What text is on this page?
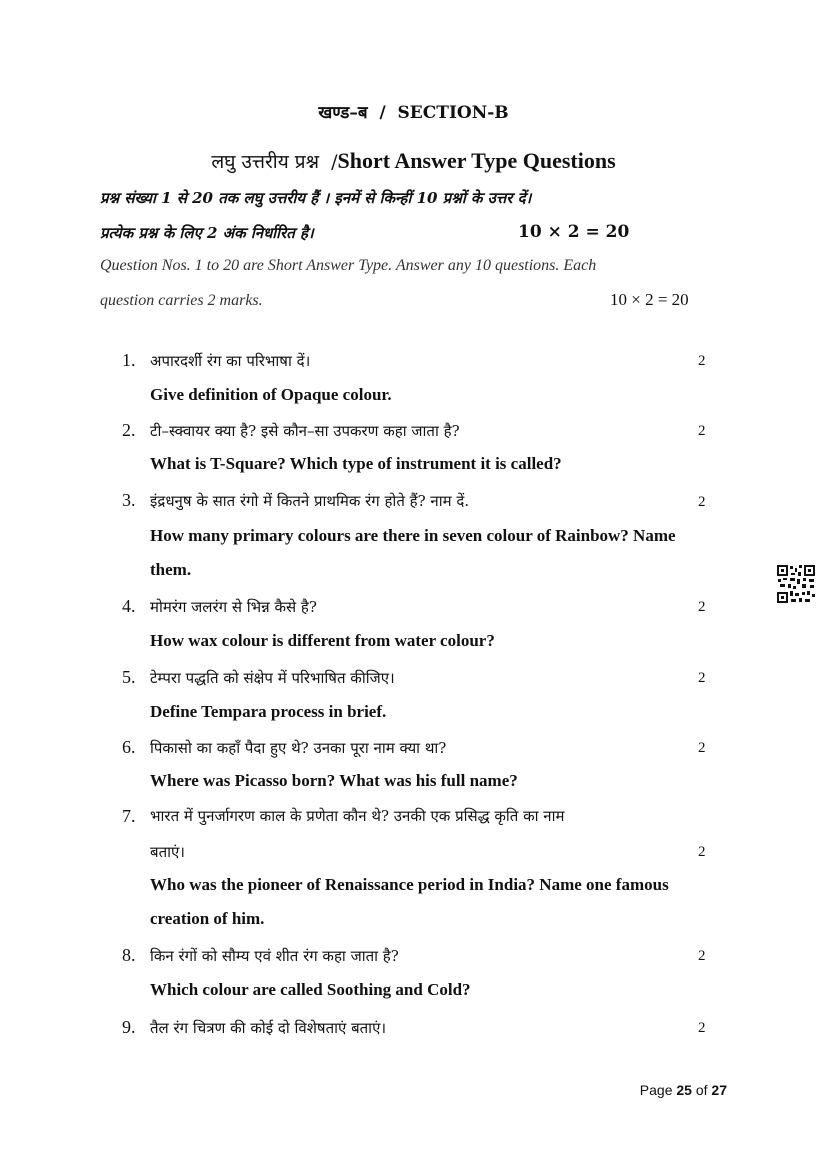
खण्ड–ब / SECTION-B
लघु उत्तरीय प्रश्न /Short Answer Type Questions
प्रश्न संख्या 1 से 20 तक लघु उत्तरीय हैं । इनमें से किन्हीं 10 प्रश्नों के उत्तर दें।
प्रत्येक प्रश्न के लिए 2 अंक निर्धारित है।	10 × 2 = 20
Question Nos. 1 to 20 are Short Answer Type. Answer any 10 questions. Each
question carries 2 marks.	10 × 2 = 20
1. अपारदर्शी रंग का परिभाषा दें।	2
Give definition of Opaque colour.
2. टी–स्क्वायर क्या है? इसे कौन–सा उपकरण कहा जाता है?	2
What is T-Square? Which type of instrument it is called?
3. इंद्रधनुष के सात रंगो में कितने प्राथमिक रंग होते हैं? नाम दें.	2
How many primary colours are there in seven colour of Rainbow? Name
them.
4. मोमरंग जलरंग से भिन्न कैसे है?	2
How wax colour is different from water colour?
5. टेम्परा पद्धति को संक्षेप में परिभाषित कीजिए।	2
Define Tempara process in brief.
6. पिकासो का कहाँ पैदा हुए थे? उनका पूरा नाम क्या था?	2
Where was Picasso born? What was his full name?
7. भारत में पुनर्जागरण काल के प्रणेता कौन थे? उनकी एक प्रसिद्ध कृति का नाम
बताएं।	2
Who was the pioneer of Renaissance period in India? Name one famous
creation of him.
8. किन रंगों को सौम्य एवं शीत रंग कहा जाता है?	2
Which colour are called Soothing and Cold?
9. तैल रंग चित्रण की कोई दो विशेषताएं बताएं।	2
Page 25 of 27
